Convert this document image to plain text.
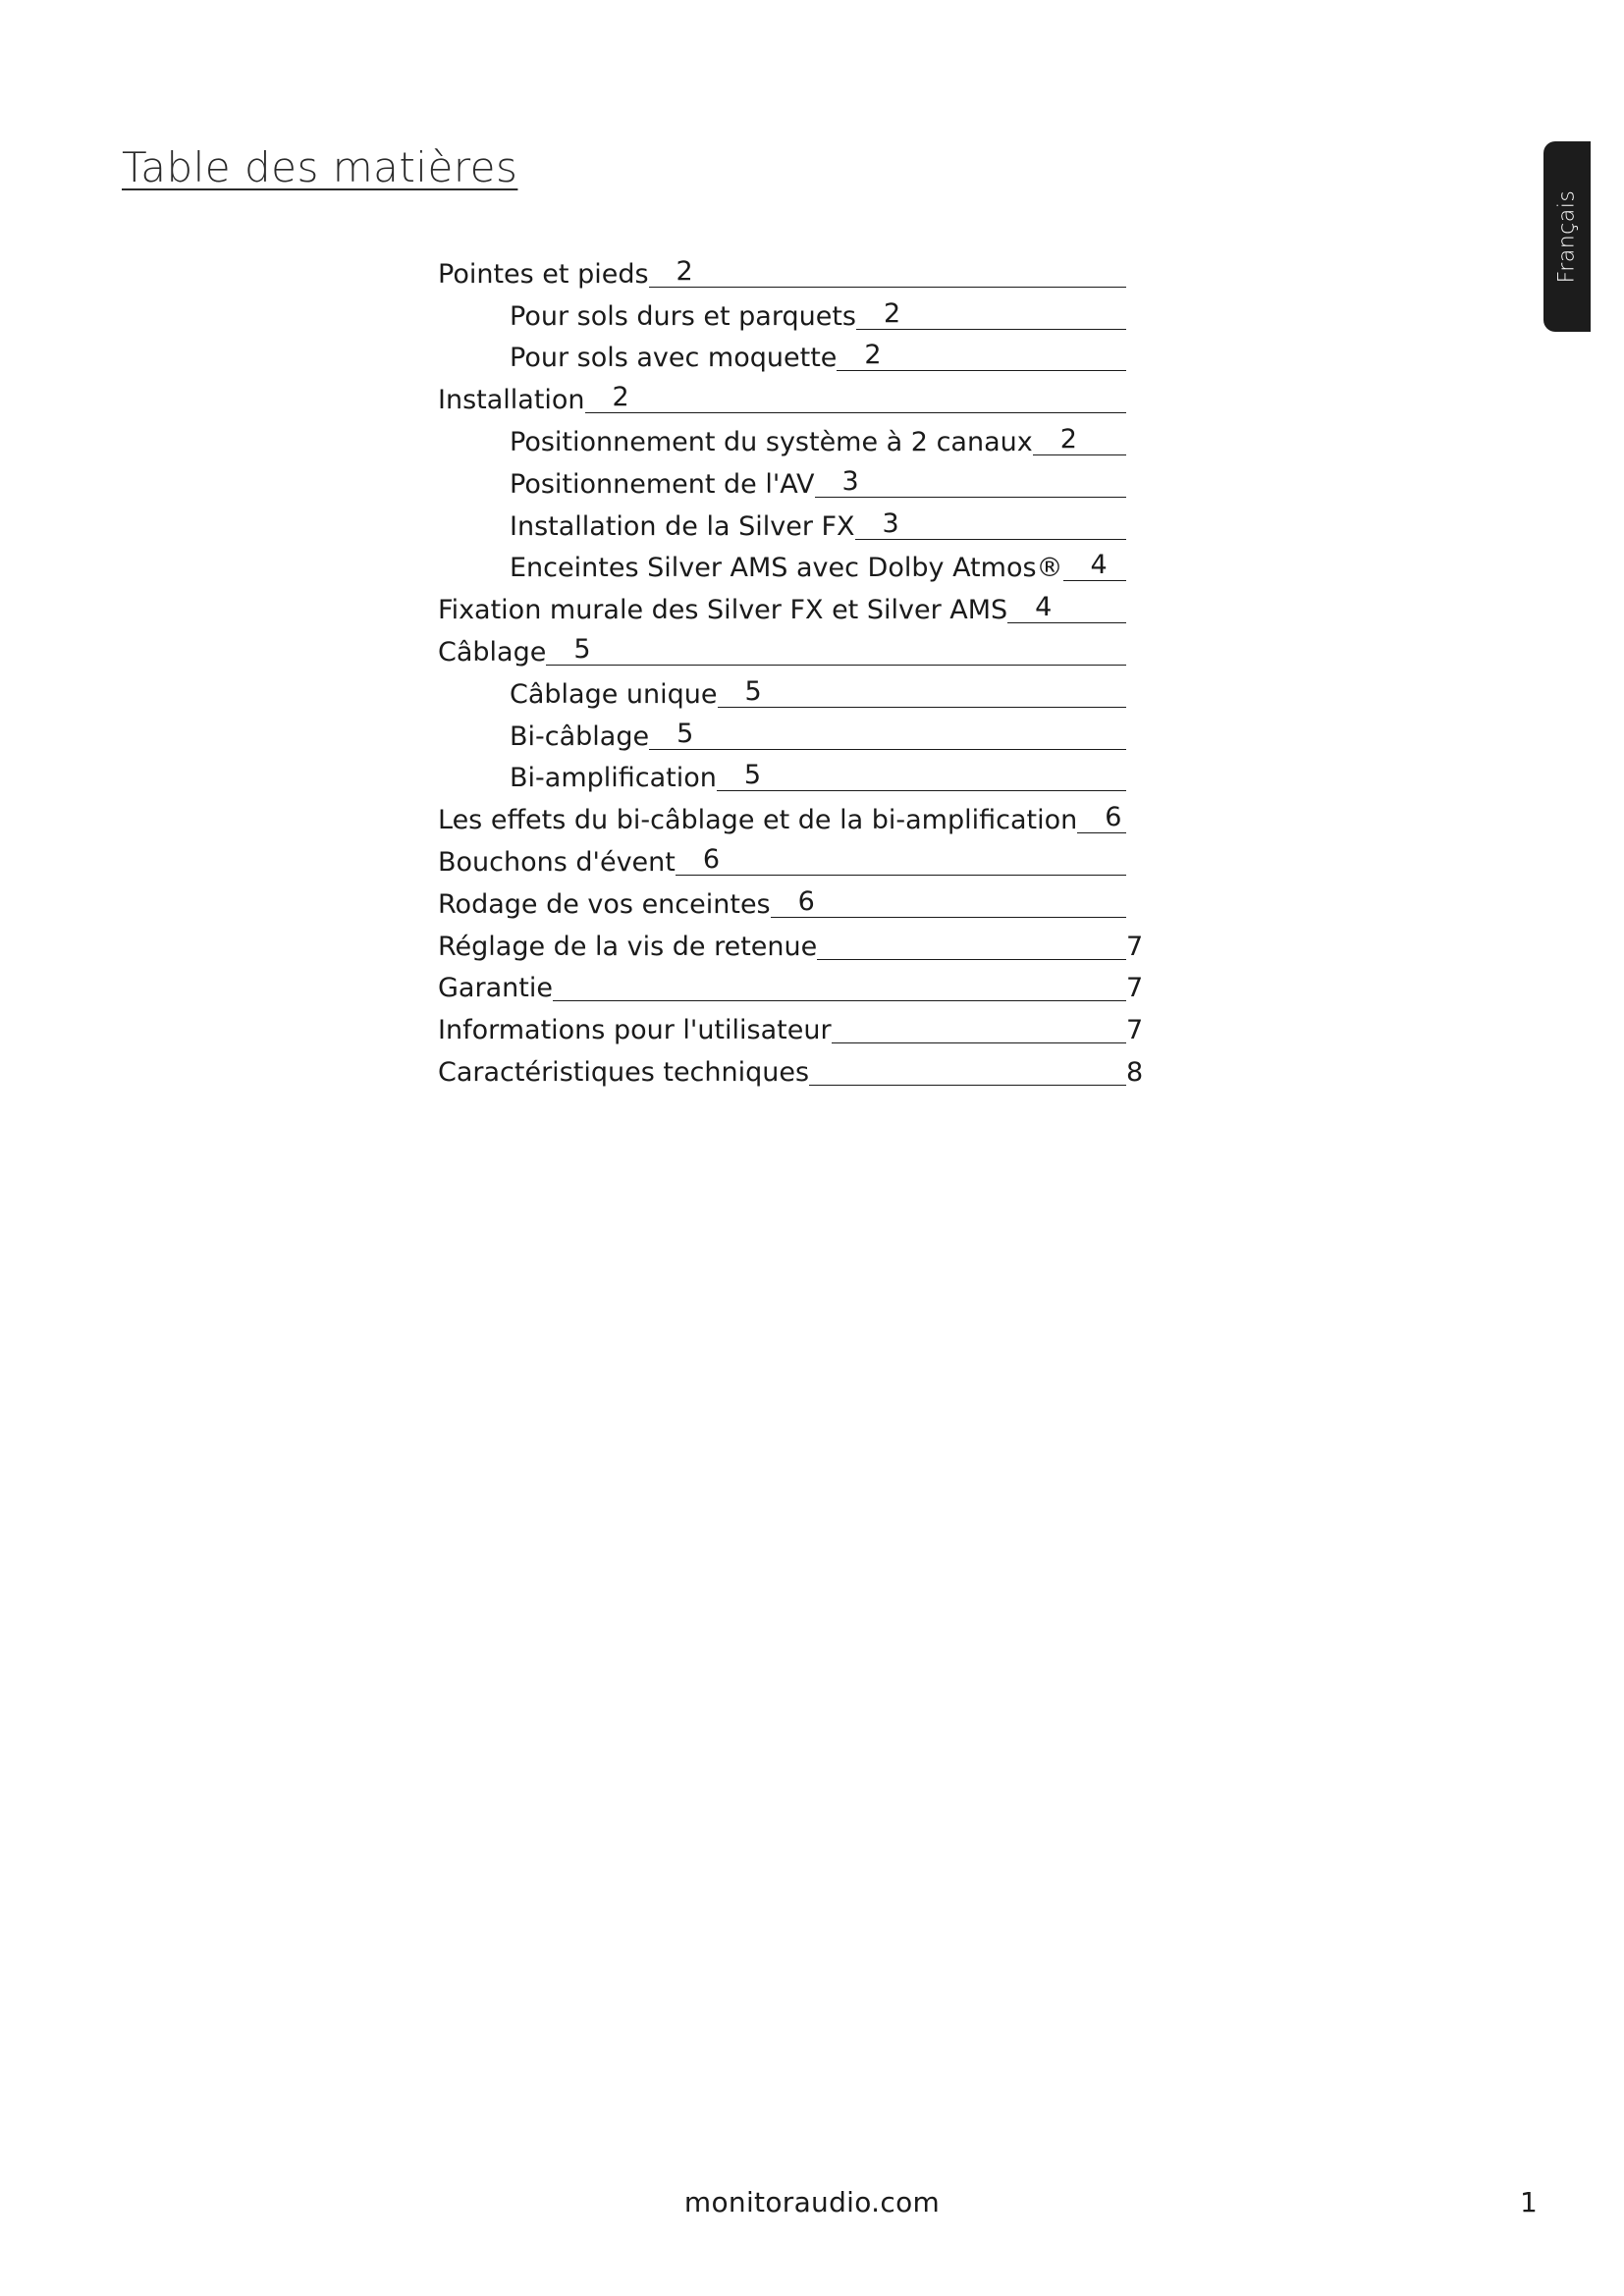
Table des matières
Français
Pointes et pieds 2
Pour sols durs et parquets 2
Pour sols avec moquette 2
Installation 2
Positionnement du système à 2 canaux 2
Positionnement de l'AV 3
Installation de la Silver FX 3
Enceintes Silver AMS avec Dolby Atmos® 4
Fixation murale des Silver FX et Silver AMS 4
Câblage 5
Câblage unique 5
Bi-câblage 5
Bi-amplification 5
Les effets du bi-câblage et de la bi-amplification 6
Bouchons d'évent 6
Rodage de vos enceintes 6
Réglage de la vis de retenue	7
Garantie	7
Informations pour l'utilisateur	7
Caractéristiques techniques	8
monitoraudio.com	1
